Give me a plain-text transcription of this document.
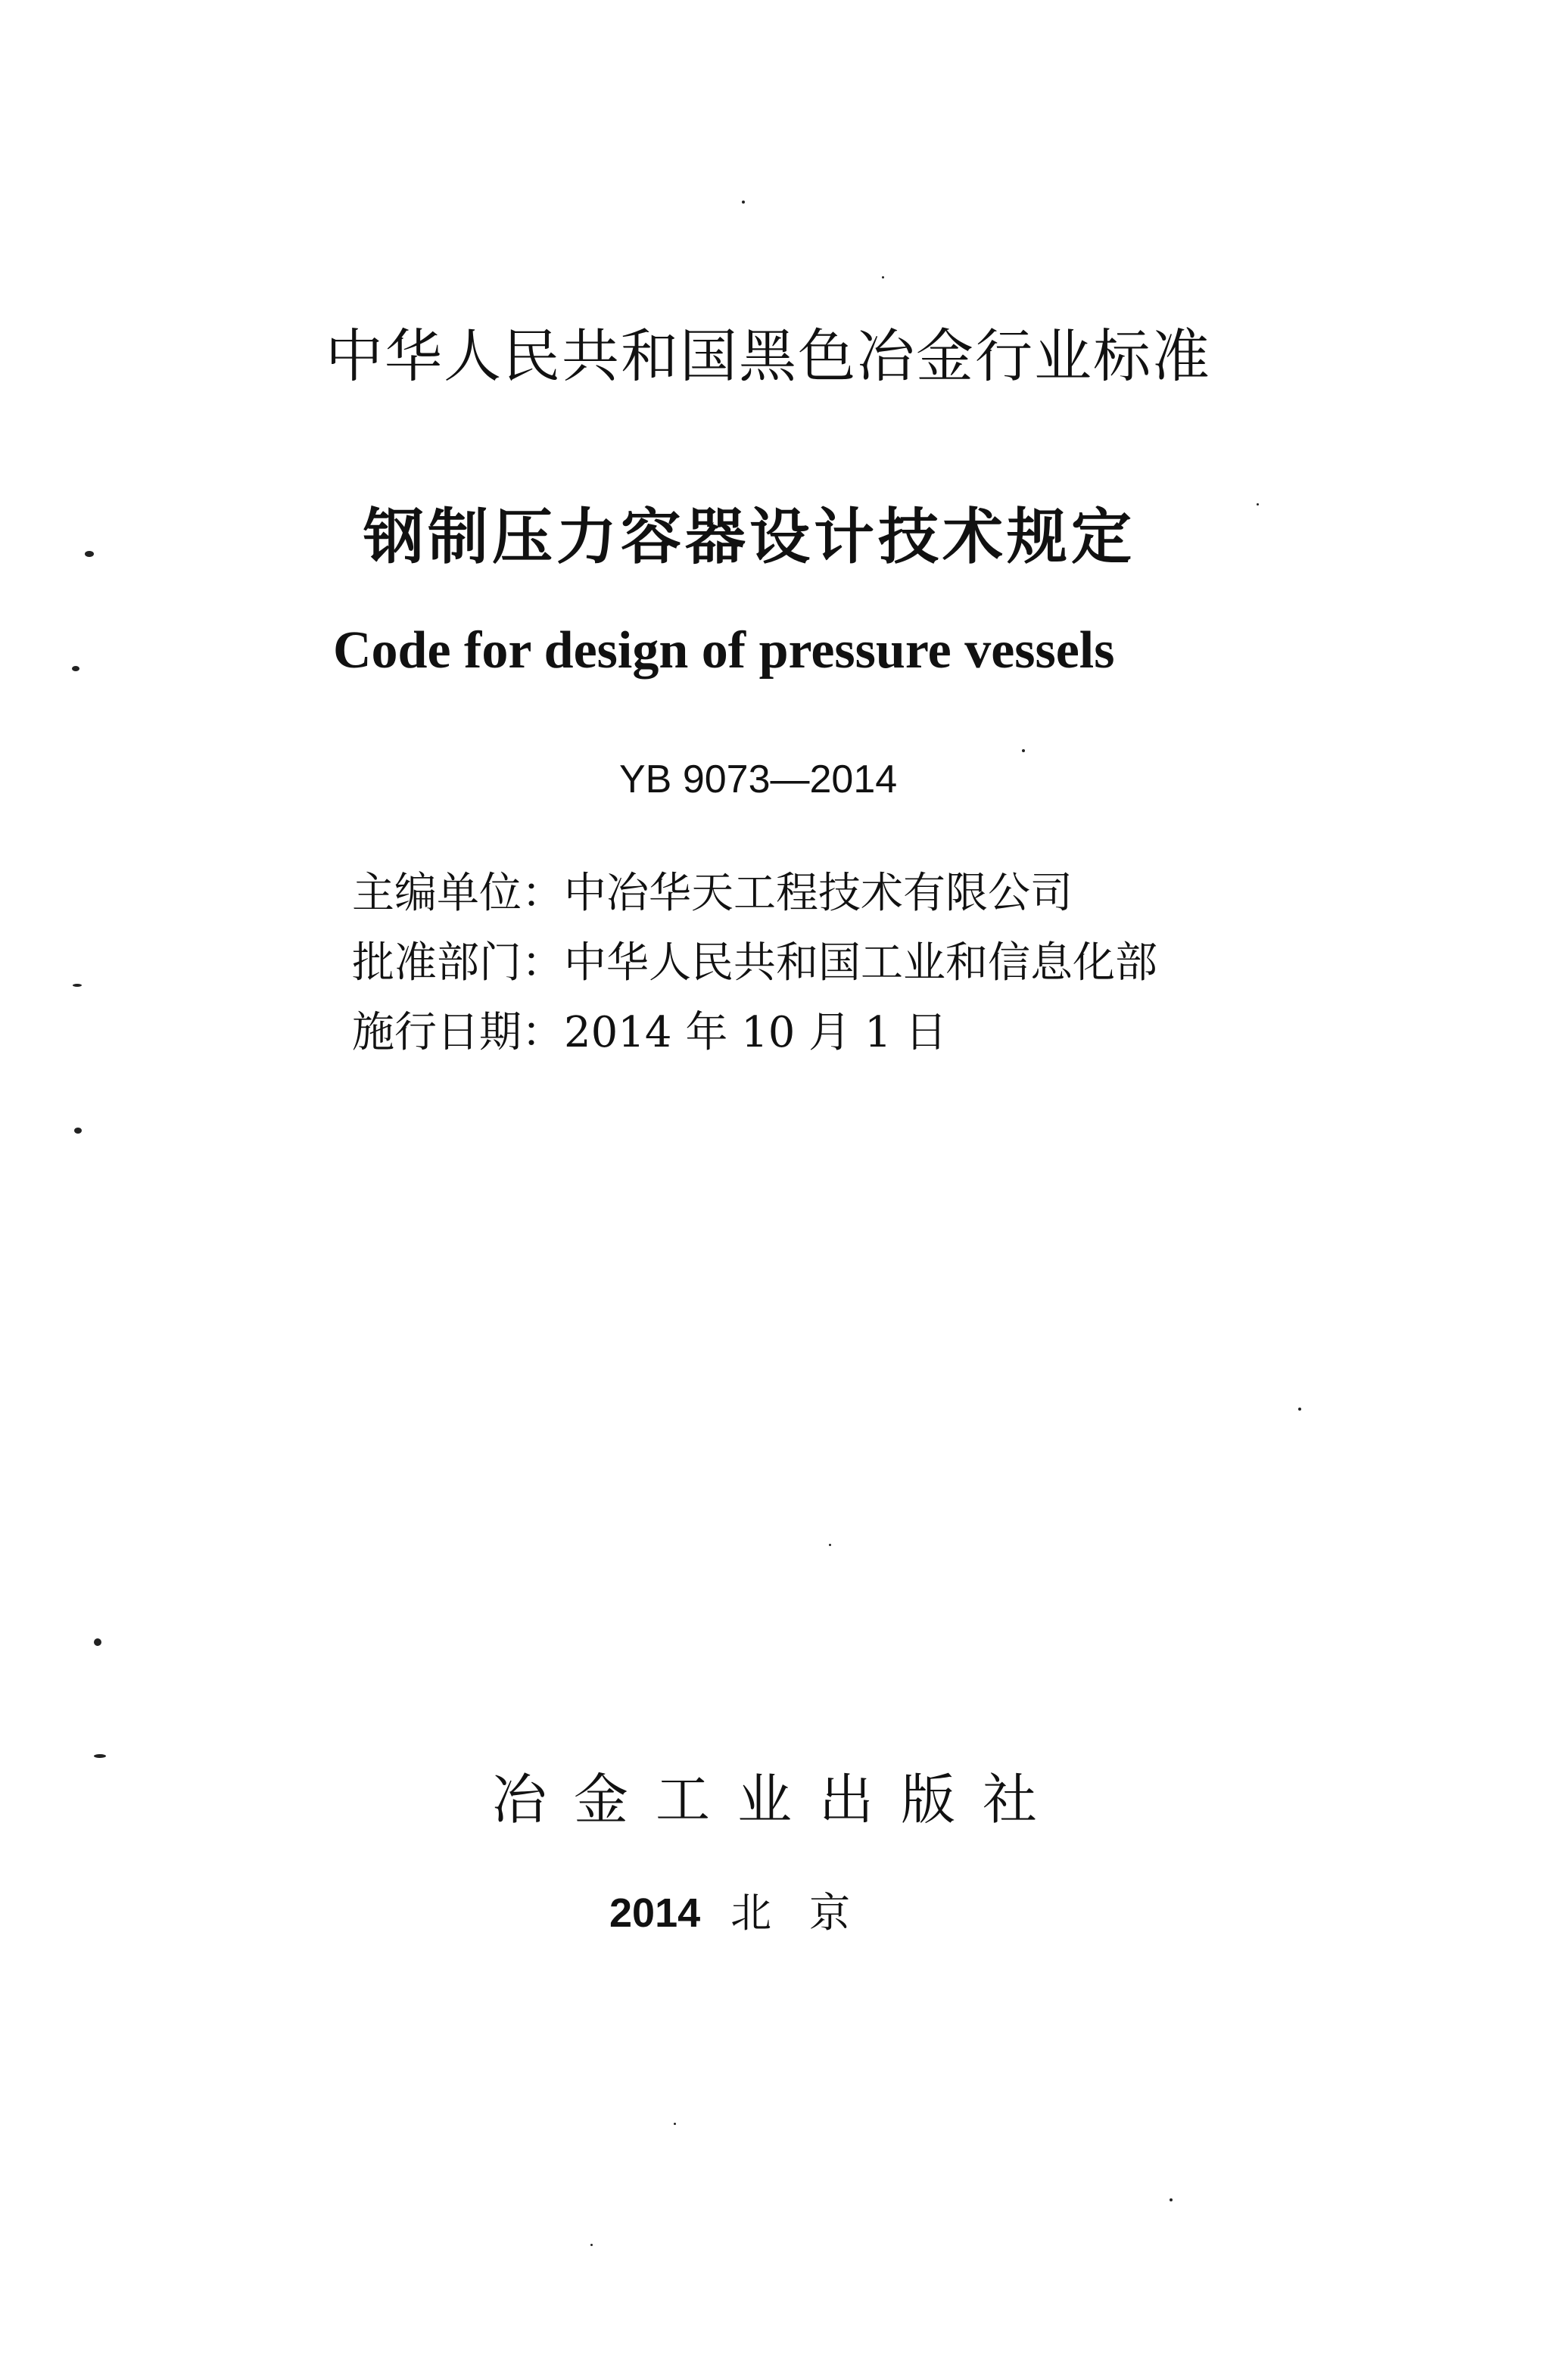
中华人民共和国黑色冶金行业标准
钢制压力容器设计技术规定
Code for design of pressure vessels
YB 9073—2014
主编单位：中冶华天工程技术有限公司
批准部门：中华人民共和国工业和信息化部
施行日期：2014 年 10 月 1 日
冶金工业出版社
2014 北京
